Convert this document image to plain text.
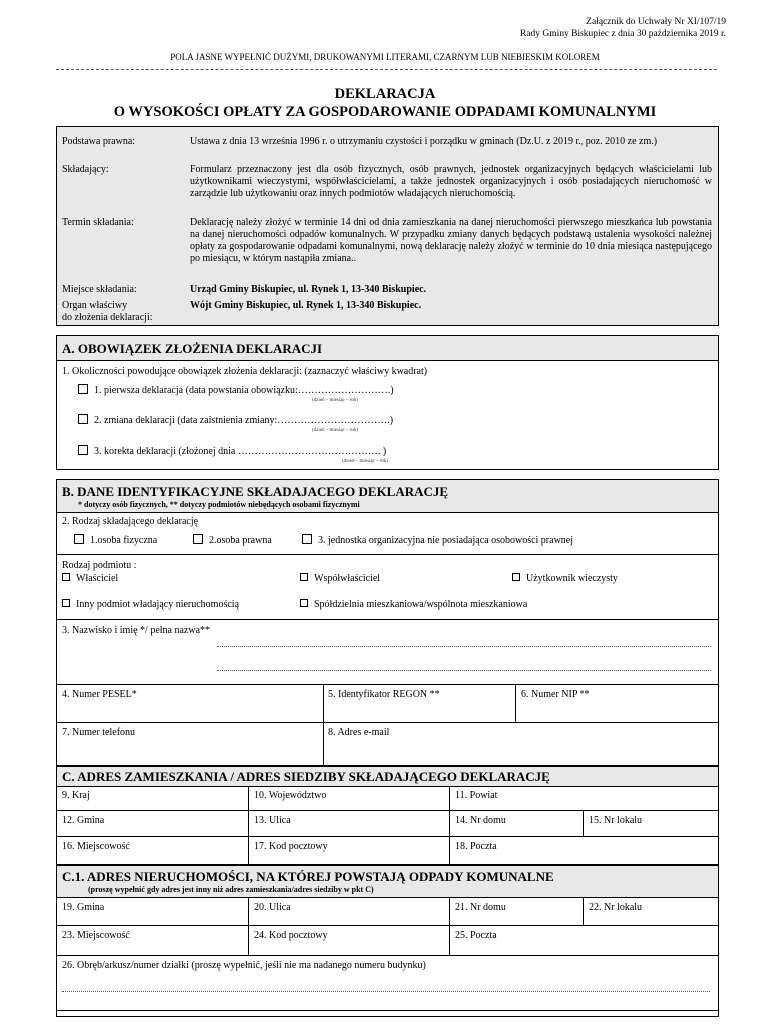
Załącznik do Uchwały Nr XI/107/19
Rady Gminy Biskupiec z dnia 30 października 2019 r.
POLA JASNE WYPEŁNIĆ DUŻYMI, DRUKOWANYMI LITERAMI, CZARNYM LUB NIEBIESKIM KOLOREM
DEKLARACJA
O WYSOKOŚCI OPŁATY ZA GOSPODAROWANIE ODPADAMI KOMUNALNYMI
Podstawa prawna:	Ustawa z dnia 13 września 1996 r. o utrzymaniu czystości i porządku w gminach (Dz.U. z 2019 r., poz. 2010 ze zm.)
Składający:	Formularz przeznaczony jest dla osób fizycznych, osób prawnych, jednostek organizacyjnych będących właścicielami lub użytkownikami wieczystymi, współwłaścicielami, a także jednostek organizacyjnych i osób posiadających nieruchomość w zarządzie lub użytkowaniu oraz innych podmiotów władających nieruchomością.
Termin składania:	Deklarację należy złożyć w terminie 14 dni od dnia zamieszkania na danej nieruchomości pierwszego mieszkańca lub powstania na danej nieruchomości odpadów komunalnych. W przypadku zmiany danych będących podstawą ustalenia wysokości należnej opłaty za gospodarowanie odpadami komunalnymi, nową deklarację należy złożyć w terminie do 10 dnia miesiąca następującego po miesiącu, w którym nastąpiła zmiana..
Miejsce składania:	Urząd Gminy Biskupiec, ul. Rynek 1, 13-340 Biskupiec.
Organ właściwy
do złożenia deklaracji:
Wójt Gminy Biskupiec, ul. Rynek 1, 13-340 Biskupiec.
A. OBOWIĄZEK ZŁOŻENIA DEKLARACJI
1. Okoliczności powodujące obowiązek złożenia deklaracji: (zaznaczyć właściwy kwadrat)
1. pierwsza deklaracja (data powstania obowiązku:……………………….)
(dzień – miesiąc – rok)
2. zmiana deklaracji (data zaistnienia zmiany:…………………………….)
(dzień – miesiąc – rok)
3. korekta deklaracji (złożonej dnia ……………………………………. )
(dzień – miesiąc – rok)
B. DANE IDENTYFIKACYJNE SKŁADAJACEGO DEKLARACJĘ
* dotyczy osób fizycznych, ** dotyczy podmiotów niebędących osobami fizycznymi
2. Rodzaj składającego deklarację
1.osoba fizyczna	2.osoba prawna	3. jednostka organizacyjna nie posiadająca osobowości prawnej
Rodzaj podmiotu :
Właściciel	Współwłaściciel	Użytkownik wieczysty
Inny podmiot władający nieruchomością	Spółdzielnia mieszkaniowa/wspólnota mieszkaniowa
3. Nazwisko i imię */ pełna nazwa**
4. Numer PESEL*	5. Identyfikator REGON **	6. Numer NIP **
7. Numer telefonu	8. Adres e-mail
C. ADRES ZAMIESZKANIA / ADRES SIEDZIBY SKŁADAJĄCEGO DEKLARACJĘ
9. Kraj	10. Województwo	11. Powiat
12. Gmina	13. Ulica	14. Nr domu	15. Nr lokalu
16. Miejscowość	17. Kod pocztowy	18. Poczta
C.1. ADRES NIERUCHOMOŚCI, NA KTÓREJ POWSTAJĄ ODPADY KOMUNALNE
(proszę wypełnić gdy adres jest inny niż adres zamieszkania/adres siedziby w pkt C)
19. Gmina	20. Ulica	21. Nr domu	22. Nr lokalu
23. Miejscowość	24. Kod pocztowy	25. Poczta
26. Obręb/arkusz/numer działki (proszę wypełnić, jeśli nie ma nadanego numeru budynku)
